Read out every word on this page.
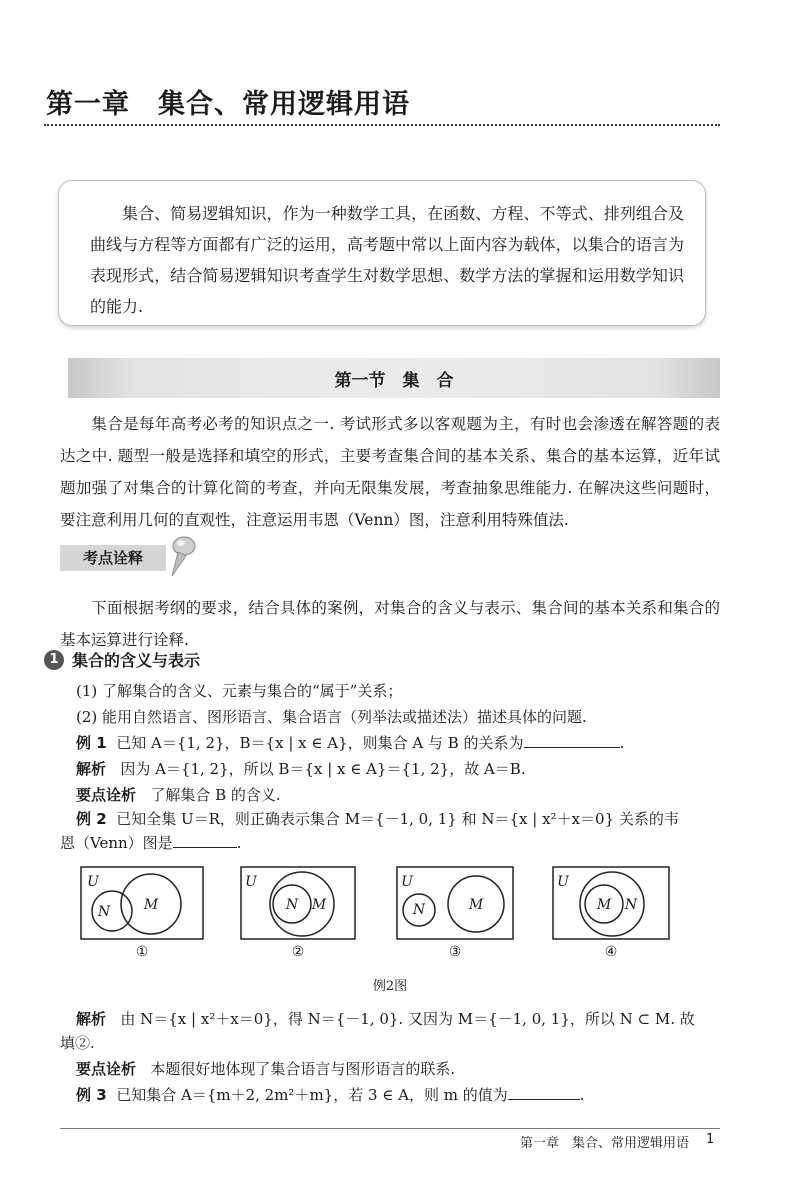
第一章　集合、常用逻辑用语
集合、简易逻辑知识，作为一种数学工具，在函数、方程、不等式、排列组合及曲线与方程等方面都有广泛的运用，高考题中常以上面内容为载体，以集合的语言为表现形式，结合简易逻辑知识考查学生对数学思想、数学方法的掌握和运用数学知识的能力.
第一节　集　合
集合是每年高考必考的知识点之一. 考试形式多以客观题为主，有时也会渗透在解答题的表达之中. 题型一般是选择和填空的形式，主要考查集合间的基本关系、集合的基本运算，近年试题加强了对集合的计算化简的考查，并向无限集发展，考查抽象思维能力. 在解决这些问题时，要注意利用几何的直观性，注意运用韦恩（Venn）图，注意利用特殊值法.
考点诠释
下面根据考纲的要求，结合具体的案例，对集合的含义与表示、集合间的基本关系和集合的基本运算进行诠释.
1 集合的含义与表示
(1) 了解集合的含义、元素与集合的“属于”关系；
(2) 能用自然语言、图形语言、集合语言（列举法或描述法）描述具体的问题.
例 1 已知 A＝{1, 2}，B＝{x | x ∈ A}，则集合 A 与 B 的关系为	.
解析 因为 A＝{1, 2}，所以 B＝{x | x ∈ A}＝{1, 2}，故 A＝B.
要点诠析 了解集合 B 的含义.
例 2 已知全集 U＝R，则正确表示集合 M＝{－1, 0, 1} 和 N＝{x | x²＋x＝0} 关系的韦
恩（Venn）图是	.
U
N	M
①
U
N M
②
U
N	M
③
U
M N
④
例2图
解析 由 N＝{x | x²＋x＝0}，得 N＝{－1, 0}. 又因为 M＝{－1, 0, 1}，所以 N ⊂ M. 故
填②.
要点诠析 本题很好地体现了集合语言与图形语言的联系.
例 3 已知集合 A＝{m＋2, 2m²＋m}，若 3 ∈ A，则 m 的值为	.
第一章　集合、常用逻辑用语 1
